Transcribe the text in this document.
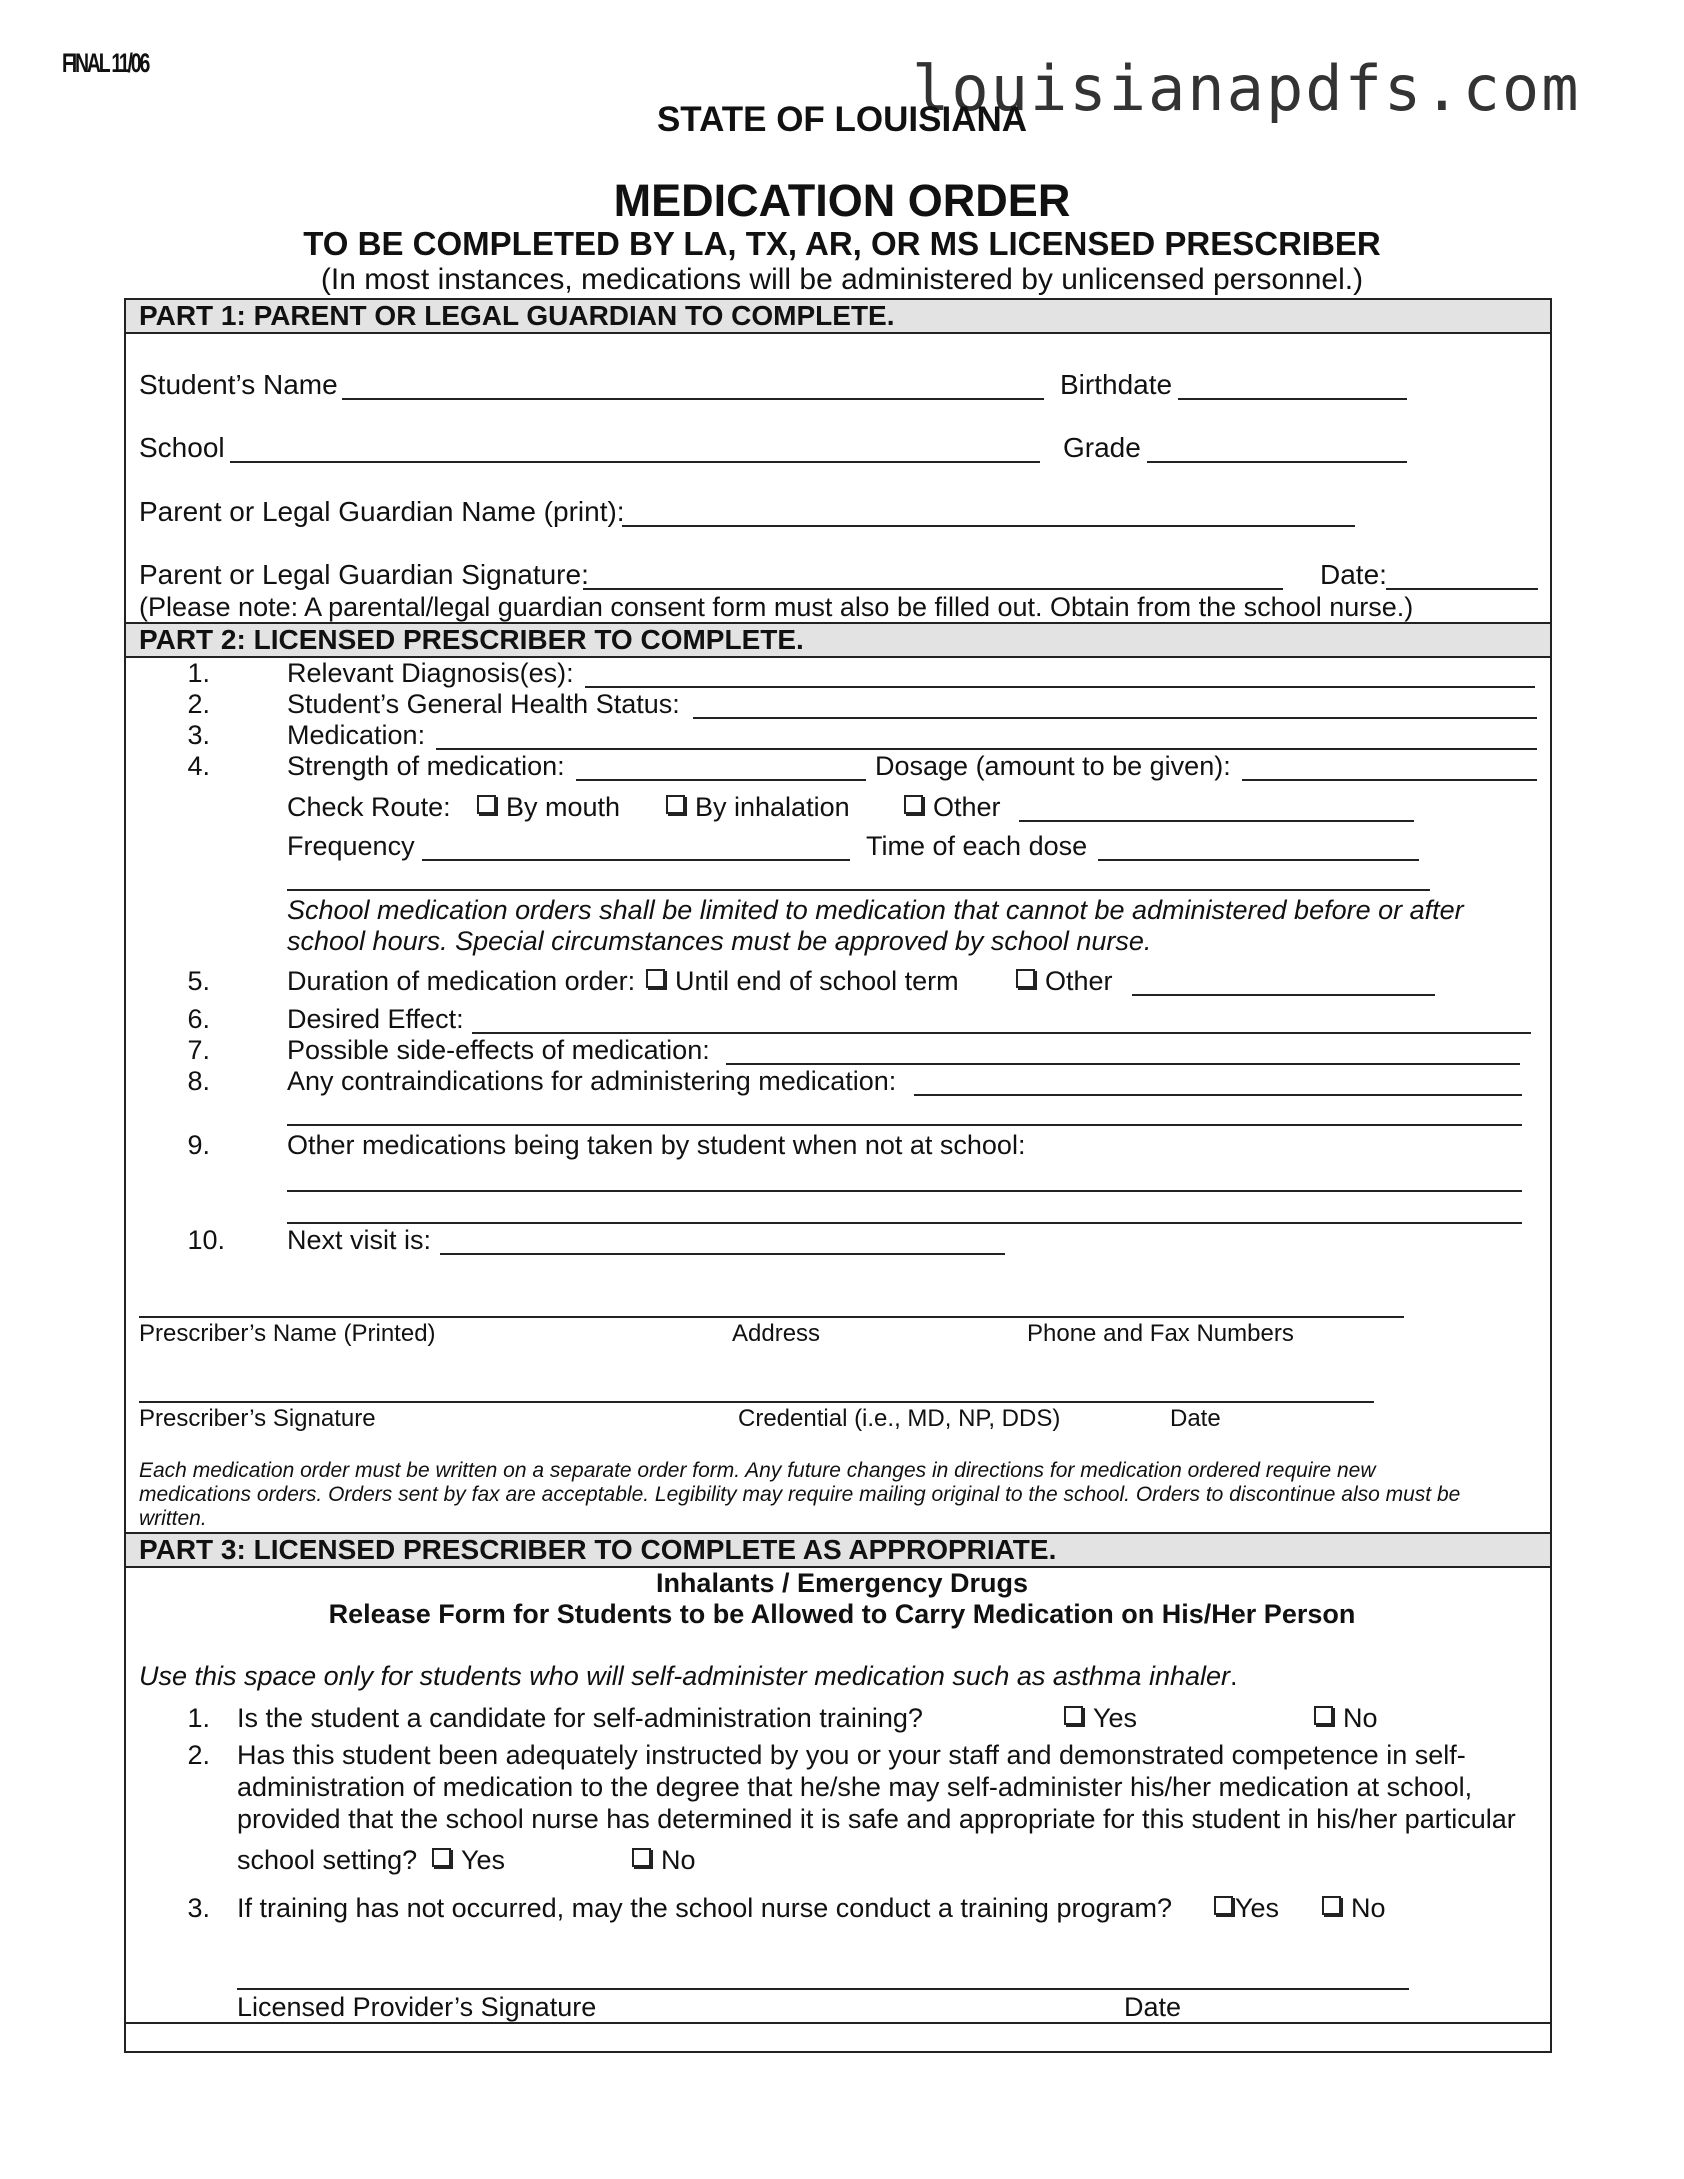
FINAL 11/06	louisianapdfs.com
STATE OF LOUISIANA
MEDICATION ORDER
TO BE COMPLETED BY LA, TX, AR, OR MS LICENSED PRESCRIBER
(In most instances, medications will be administered by unlicensed personnel.)
PART 1: PARENT OR LEGAL GUARDIAN TO COMPLETE.
Student’s Name	Birthdate
School	Grade
Parent or Legal Guardian Name (print):
Parent or Legal Guardian Signature:	Date:
(Please note: A parental/legal guardian consent form must also be filled out. Obtain from the school nurse.)
PART 2: LICENSED PRESCRIBER TO COMPLETE.
1.	Relevant Diagnosis(es):
2.	Student’s General Health Status:
3.	Medication:
4.	Strength of medication:	Dosage (amount to be given):
Check Route:	By mouth	By inhalation	Other
Frequency	Time of each dose
School medication orders shall be limited to medication that cannot be administered before or after
school hours. Special circumstances must be approved by school nurse.
5.	Duration of medication order:	Until end of school term	Other
6.	Desired Effect:
7.	Possible side-effects of medication:
8.	Any contraindications for administering medication:
9.	Other medications being taken by student when not at school:
10. Next visit is:
Prescriber’s Name (Printed)	Address	Phone and Fax Numbers
Prescriber’s Signature	Credential (i.e., MD, NP, DDS)	Date
Each medication order must be written on a separate order form. Any future changes in directions for medication ordered require new
medications orders. Orders sent by fax are acceptable. Legibility may require mailing original to the school. Orders to discontinue also must be
written.
PART 3: LICENSED PRESCRIBER TO COMPLETE AS APPROPRIATE.
Inhalants / Emergency Drugs
Release Form for Students to be Allowed to Carry Medication on His/Her Person
Use this space only for students who will self-administer medication such as asthma inhaler.
1. Is the student a candidate for self-administration training?	Yes	No
2. Has this student been adequately instructed by you or your staff and demonstrated competence in self-
administration of medication to the degree that he/she may self-administer his/her medication at school,
provided that the school nurse has determined it is safe and appropriate for this student in his/her particular
school setting?	Yes	No
3. If training has not occurred, may the school nurse conduct a training program?	Yes	No
Licensed Provider’s Signature	Date
